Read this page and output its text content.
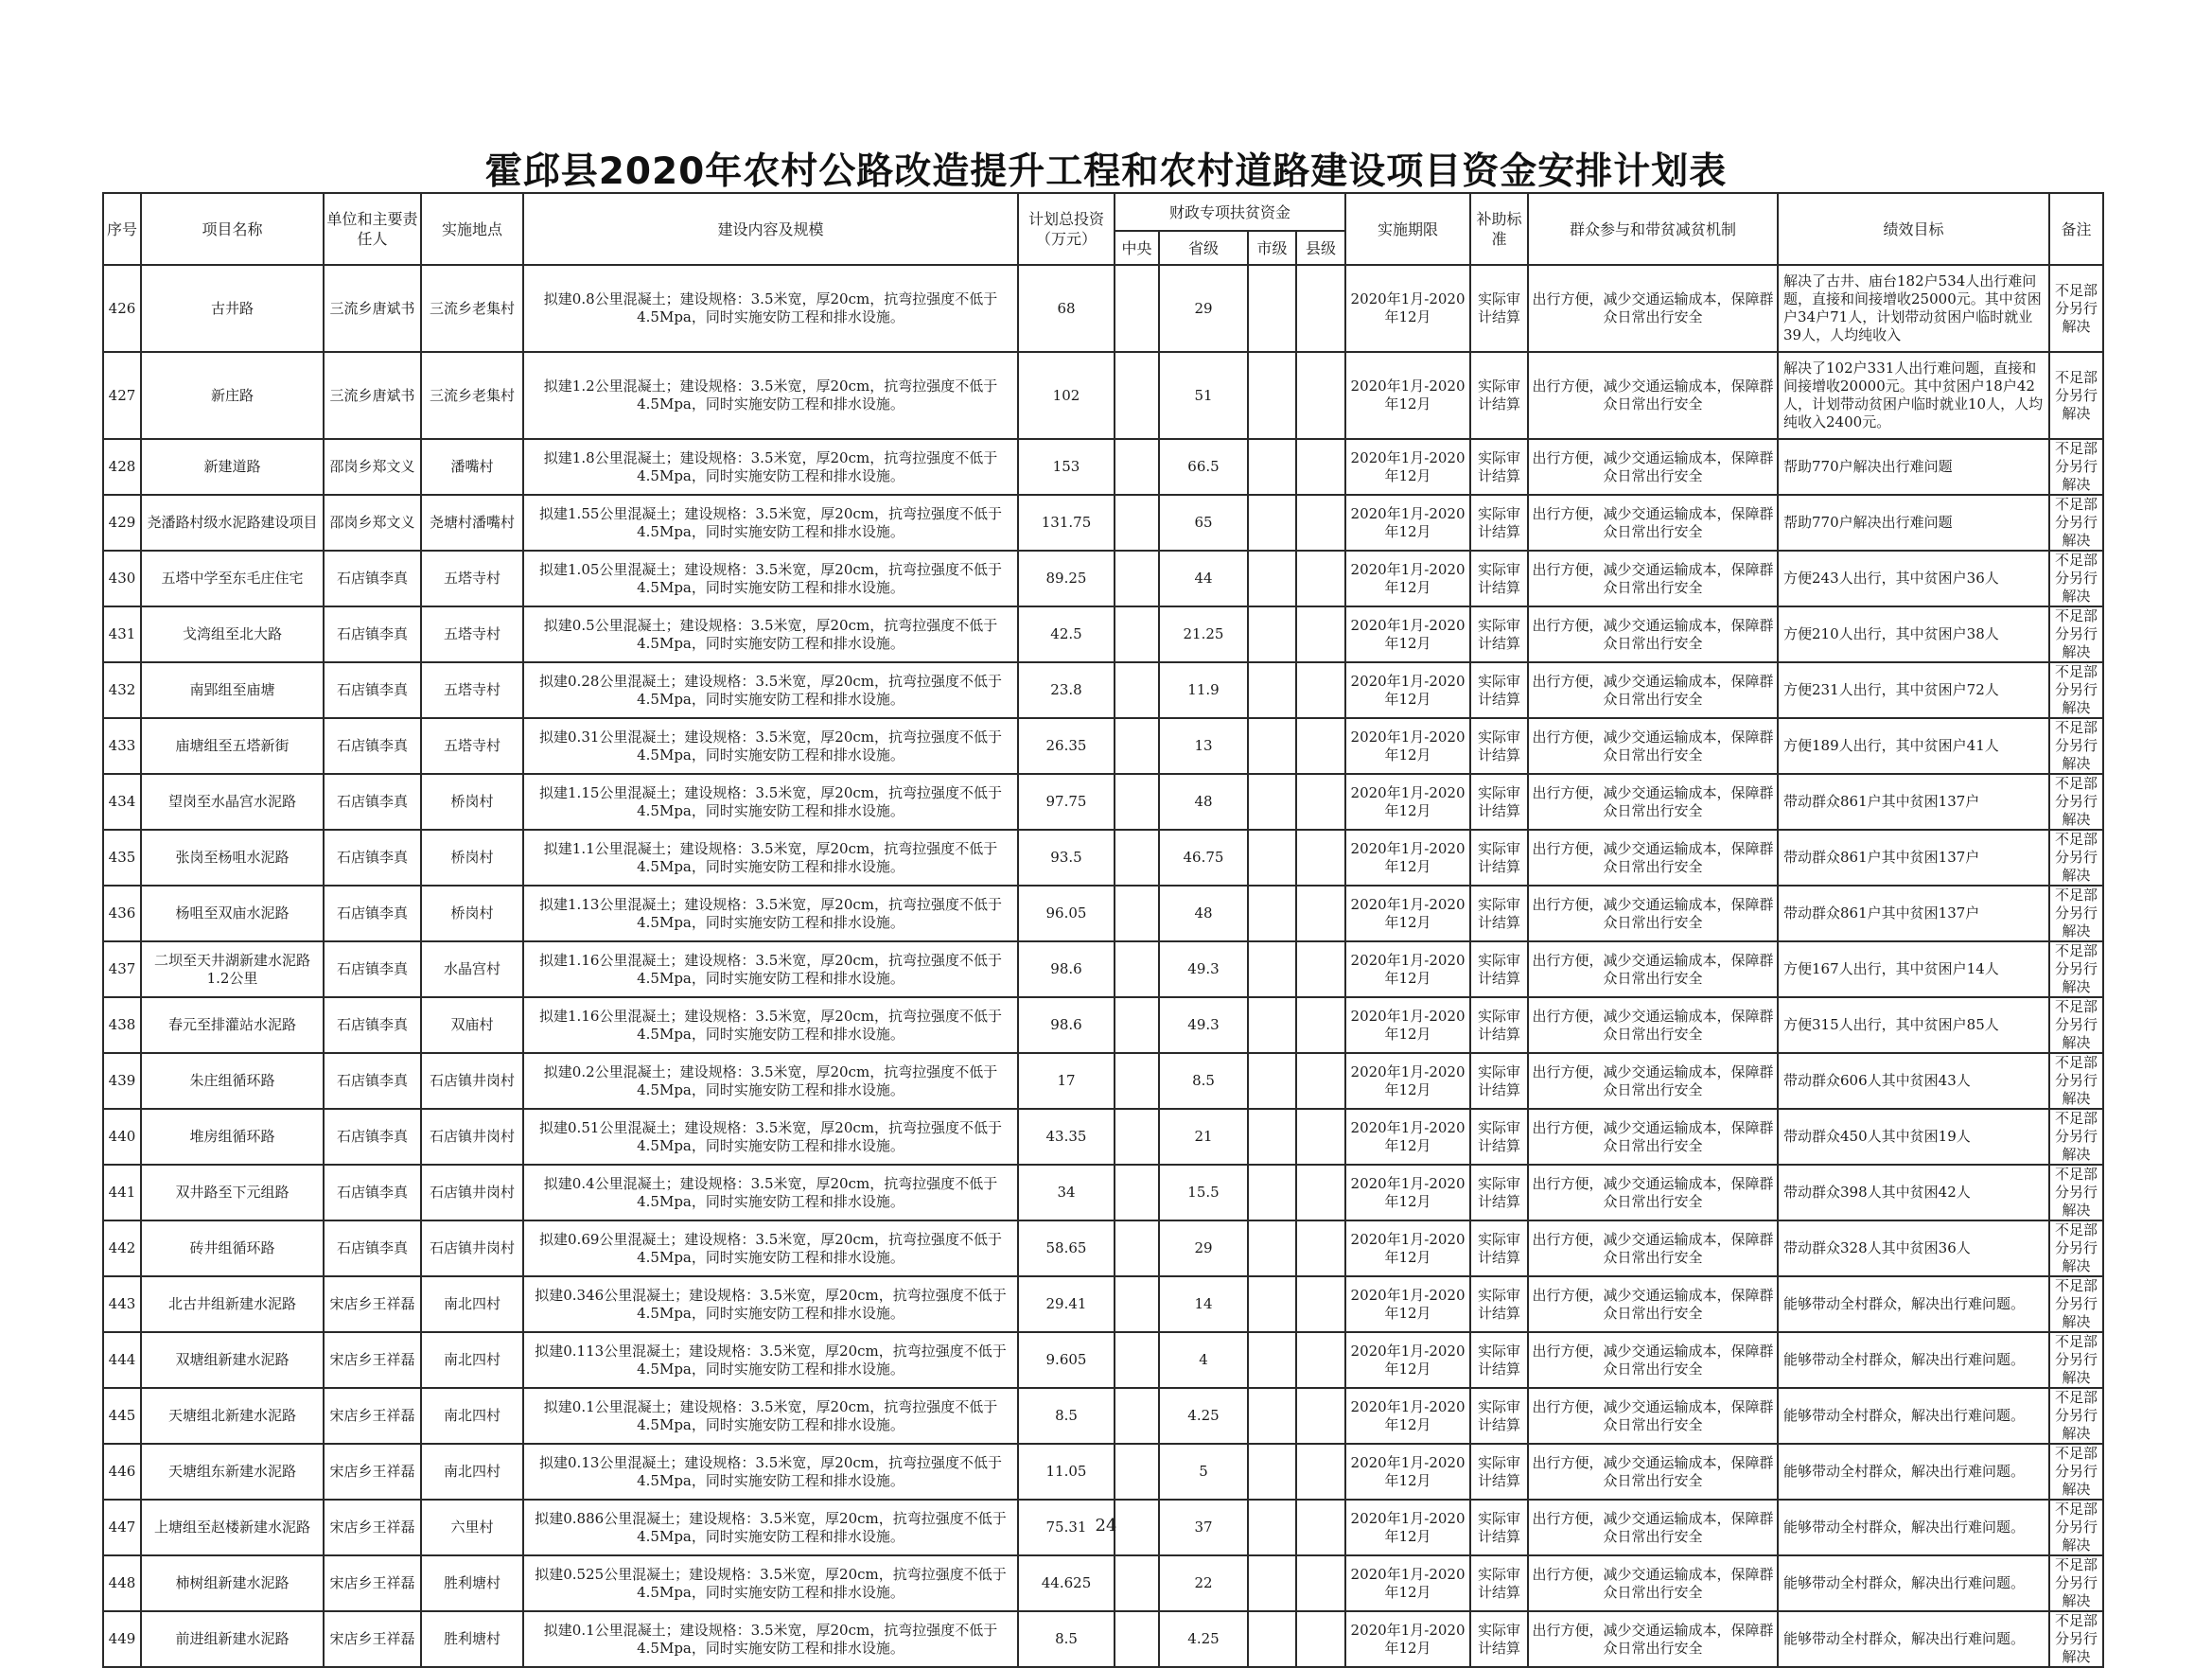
霍邱县2020年农村公路改造提升工程和农村道路建设项目资金安排计划表
序号	项目名称	单位和主要责任人	实施地点	建设内容及规模	计划总投资（万元）	财政专项扶贫资金				实施期限	补助标准	群众参与和带贫减贫机制	绩效目标	备注
						中央	省级	市级	县级					
426	古井路	三流乡唐斌书	三流乡老集村	拟建0.8公里混凝土；建设规格：3.5米宽，厚20cm，抗弯拉强度不低于4.5Mpa，同时实施安防工程和排水设施。	68		29			2020年1月-2020年12月	实际审计结算	出行方便，减少交通运输成本，保障群众日常出行安全	解决了古井、庙台182户534人出行难问题，直接和间接增收25000元。其中贫困户34户71人，计划带动贫困户临时就业39人，人均纯收入	不足部分另行解决
427	新庄路	三流乡唐斌书	三流乡老集村	拟建1.2公里混凝土；建设规格：3.5米宽，厚20cm，抗弯拉强度不低于4.5Mpa，同时实施安防工程和排水设施。	102		51			2020年1月-2020年12月	实际审计结算	出行方便，减少交通运输成本，保障群众日常出行安全	解决了102户331人出行难问题，直接和间接增收20000元。其中贫困户18户42人，计划带动贫困户临时就业10人，人均纯收入2400元。	不足部分另行解决
428	新建道路	邵岗乡郑文义	潘嘴村	拟建1.8公里混凝土；建设规格：3.5米宽，厚20cm，抗弯拉强度不低于4.5Mpa，同时实施安防工程和排水设施。	153		66.5			2020年1月-2020年12月	实际审计结算	出行方便，减少交通运输成本，保障群众日常出行安全	帮助770户解决出行难问题	不足部分另行解决
429	尧潘路村级水泥路建设项目	邵岗乡郑文义	尧塘村潘嘴村	拟建1.55公里混凝土；建设规格：3.5米宽，厚20cm，抗弯拉强度不低于4.5Mpa，同时实施安防工程和排水设施。	131.75		65			2020年1月-2020年12月	实际审计结算	出行方便，减少交通运输成本，保障群众日常出行安全	帮助770户解决出行难问题	不足部分另行解决
430	五塔中学至东毛庄住宅	石店镇李真	五塔寺村	拟建1.05公里混凝土；建设规格：3.5米宽，厚20cm，抗弯拉强度不低于4.5Mpa，同时实施安防工程和排水设施。	89.25		44			2020年1月-2020年12月	实际审计结算	出行方便，减少交通运输成本，保障群众日常出行安全	方便243人出行，其中贫困户36人	不足部分另行解决
431	戈湾组至北大路	石店镇李真	五塔寺村	拟建0.5公里混凝土；建设规格：3.5米宽，厚20cm，抗弯拉强度不低于4.5Mpa，同时实施安防工程和排水设施。	42.5		21.25			2020年1月-2020年12月	实际审计结算	出行方便，减少交通运输成本，保障群众日常出行安全	方便210人出行，其中贫困户38人	不足部分另行解决
432	南郢组至庙塘	石店镇李真	五塔寺村	拟建0.28公里混凝土；建设规格：3.5米宽，厚20cm，抗弯拉强度不低于4.5Mpa，同时实施安防工程和排水设施。	23.8		11.9			2020年1月-2020年12月	实际审计结算	出行方便，减少交通运输成本，保障群众日常出行安全	方便231人出行，其中贫困户72人	不足部分另行解决
433	庙塘组至五塔新街	石店镇李真	五塔寺村	拟建0.31公里混凝土；建设规格：3.5米宽，厚20cm，抗弯拉强度不低于4.5Mpa，同时实施安防工程和排水设施。	26.35		13			2020年1月-2020年12月	实际审计结算	出行方便，减少交通运输成本，保障群众日常出行安全	方便189人出行，其中贫困户41人	不足部分另行解决
434	望岗至水晶宫水泥路	石店镇李真	桥岗村	拟建1.15公里混凝土；建设规格：3.5米宽，厚20cm，抗弯拉强度不低于4.5Mpa，同时实施安防工程和排水设施。	97.75		48			2020年1月-2020年12月	实际审计结算	出行方便，减少交通运输成本，保障群众日常出行安全	带动群众861户其中贫困137户	不足部分另行解决
435	张岗至杨咀水泥路	石店镇李真	桥岗村	拟建1.1公里混凝土；建设规格：3.5米宽，厚20cm，抗弯拉强度不低于4.5Mpa，同时实施安防工程和排水设施。	93.5		46.75			2020年1月-2020年12月	实际审计结算	出行方便，减少交通运输成本，保障群众日常出行安全	带动群众861户其中贫困137户	不足部分另行解决
436	杨咀至双庙水泥路	石店镇李真	桥岗村	拟建1.13公里混凝土；建设规格：3.5米宽，厚20cm，抗弯拉强度不低于4.5Mpa，同时实施安防工程和排水设施。	96.05		48			2020年1月-2020年12月	实际审计结算	出行方便，减少交通运输成本，保障群众日常出行安全	带动群众861户其中贫困137户	不足部分另行解决
437	二坝至天井湖新建水泥路1.2公里	石店镇李真	水晶宫村	拟建1.16公里混凝土；建设规格：3.5米宽，厚20cm，抗弯拉强度不低于4.5Mpa，同时实施安防工程和排水设施。	98.6		49.3			2020年1月-2020年12月	实际审计结算	出行方便，减少交通运输成本，保障群众日常出行安全	方便167人出行，其中贫困户14人	不足部分另行解决
438	春元至排灌站水泥路	石店镇李真	双庙村	拟建1.16公里混凝土；建设规格：3.5米宽，厚20cm，抗弯拉强度不低于4.5Mpa，同时实施安防工程和排水设施。	98.6		49.3			2020年1月-2020年12月	实际审计结算	出行方便，减少交通运输成本，保障群众日常出行安全	方便315人出行，其中贫困户85人	不足部分另行解决
439	朱庄组循环路	石店镇李真	石店镇井岗村	拟建0.2公里混凝土；建设规格：3.5米宽，厚20cm，抗弯拉强度不低于4.5Mpa，同时实施安防工程和排水设施。	17		8.5			2020年1月-2020年12月	实际审计结算	出行方便，减少交通运输成本，保障群众日常出行安全	带动群众606人其中贫困43人	不足部分另行解决
440	堆房组循环路	石店镇李真	石店镇井岗村	拟建0.51公里混凝土；建设规格：3.5米宽，厚20cm，抗弯拉强度不低于4.5Mpa，同时实施安防工程和排水设施。	43.35		21			2020年1月-2020年12月	实际审计结算	出行方便，减少交通运输成本，保障群众日常出行安全	带动群众450人其中贫困19人	不足部分另行解决
441	双井路至下元组路	石店镇李真	石店镇井岗村	拟建0.4公里混凝土；建设规格：3.5米宽，厚20cm，抗弯拉强度不低于4.5Mpa，同时实施安防工程和排水设施。	34		15.5			2020年1月-2020年12月	实际审计结算	出行方便，减少交通运输成本，保障群众日常出行安全	带动群众398人其中贫困42人	不足部分另行解决
442	砖井组循环路	石店镇李真	石店镇井岗村	拟建0.69公里混凝土；建设规格：3.5米宽，厚20cm，抗弯拉强度不低于4.5Mpa，同时实施安防工程和排水设施。	58.65		29			2020年1月-2020年12月	实际审计结算	出行方便，减少交通运输成本，保障群众日常出行安全	带动群众328人其中贫困36人	不足部分另行解决
443	北古井组新建水泥路	宋店乡王祥磊	南北四村	拟建0.346公里混凝土；建设规格：3.5米宽，厚20cm，抗弯拉强度不低于4.5Mpa，同时实施安防工程和排水设施。	29.41		14			2020年1月-2020年12月	实际审计结算	出行方便，减少交通运输成本，保障群众日常出行安全	能够带动全村群众，解决出行难问题。	不足部分另行解决
444	双塘组新建水泥路	宋店乡王祥磊	南北四村	拟建0.113公里混凝土；建设规格：3.5米宽，厚20cm，抗弯拉强度不低于4.5Mpa，同时实施安防工程和排水设施。	9.605		4			2020年1月-2020年12月	实际审计结算	出行方便，减少交通运输成本，保障群众日常出行安全	能够带动全村群众，解决出行难问题。	不足部分另行解决
445	天塘组北新建水泥路	宋店乡王祥磊	南北四村	拟建0.1公里混凝土；建设规格：3.5米宽，厚20cm，抗弯拉强度不低于4.5Mpa，同时实施安防工程和排水设施。	8.5		4.25			2020年1月-2020年12月	实际审计结算	出行方便，减少交通运输成本，保障群众日常出行安全	能够带动全村群众，解决出行难问题。	不足部分另行解决
446	天塘组东新建水泥路	宋店乡王祥磊	南北四村	拟建0.13公里混凝土；建设规格：3.5米宽，厚20cm，抗弯拉强度不低于4.5Mpa，同时实施安防工程和排水设施。	11.05		5			2020年1月-2020年12月	实际审计结算	出行方便，减少交通运输成本，保障群众日常出行安全	能够带动全村群众，解决出行难问题。	不足部分另行解决
447	上塘组至赵楼新建水泥路	宋店乡王祥磊	六里村	拟建0.886公里混凝土；建设规格：3.5米宽，厚20cm，抗弯拉强度不低于4.5Mpa，同时实施安防工程和排水设施。	75.31		37			2020年1月-2020年12月	实际审计结算	出行方便，减少交通运输成本，保障群众日常出行安全	能够带动全村群众，解决出行难问题。	不足部分另行解决
448	柿树组新建水泥路	宋店乡王祥磊	胜利塘村	拟建0.525公里混凝土；建设规格：3.5米宽，厚20cm，抗弯拉强度不低于4.5Mpa，同时实施安防工程和排水设施。	44.625		22			2020年1月-2020年12月	实际审计结算	出行方便，减少交通运输成本，保障群众日常出行安全	能够带动全村群众，解决出行难问题。	不足部分另行解决
449	前进组新建水泥路	宋店乡王祥磊	胜利塘村	拟建0.1公里混凝土；建设规格：3.5米宽，厚20cm，抗弯拉强度不低于4.5Mpa，同时实施安防工程和排水设施。	8.5		4.25			2020年1月-2020年12月	实际审计结算	出行方便，减少交通运输成本，保障群众日常出行安全	能够带动全村群众，解决出行难问题。	不足部分另行解决
24
